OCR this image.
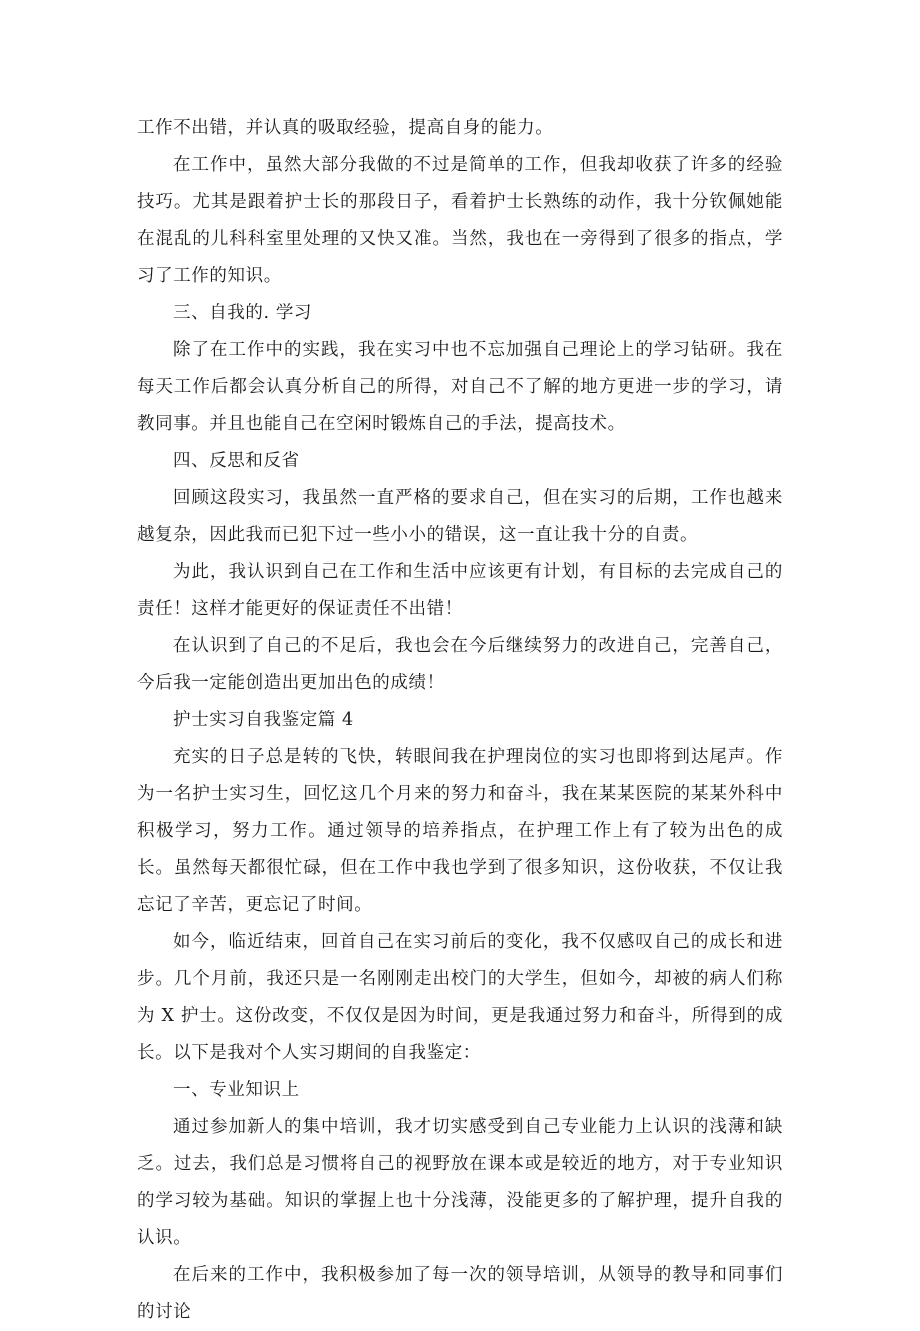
工作不出错，并认真的吸取经验，提高自身的能力。

在工作中，虽然大部分我做的不过是简单的工作，但我却收获了许多的经验技巧。尤其是跟着护士长的那段日子，看着护士长熟练的动作，我十分钦佩她能在混乱的儿科科室里处理的又快又准。当然，我也在一旁得到了很多的指点，学习了工作的知识。

三、自我的. 学习

除了在工作中的实践，我在实习中也不忘加强自己理论上的学习钻研。我在每天工作后都会认真分析自己的所得，对自己不了解的地方更进一步的学习，请教同事。并且也能自己在空闲时锻炼自己的手法，提高技术。

四、反思和反省

回顾这段实习，我虽然一直严格的要求自己，但在实习的后期，工作也越来越复杂，因此我而已犯下过一些小小的错误，这一直让我十分的自责。

为此，我认识到自己在工作和生活中应该更有计划，有目标的去完成自己的责任！这样才能更好的保证责任不出错！

在认识到了自己的不足后，我也会在今后继续努力的改进自己，完善自己，今后我一定能创造出更加出色的成绩！

护士实习自我鉴定篇 4

充实的日子总是转的飞快，转眼间我在护理岗位的实习也即将到达尾声。作为一名护士实习生，回忆这几个月来的努力和奋斗，我在某某医院的某某外科中积极学习，努力工作。通过领导的培养指点，在护理工作上有了较为出色的成长。虽然每天都很忙碌，但在工作中我也学到了很多知识，这份收获，不仅让我忘记了辛苦，更忘记了时间。

如今，临近结束，回首自己在实习前后的变化，我不仅感叹自己的成长和进步。几个月前，我还只是一名刚刚走出校门的大学生，但如今，却被的病人们称为 X 护士。这份改变，不仅仅是因为时间，更是我通过努力和奋斗，所得到的成长。以下是我对个人实习期间的自我鉴定：

一、专业知识上

通过参加新人的集中培训，我才切实感受到自己专业能力上认识的浅薄和缺乏。过去，我们总是习惯将自己的视野放在课本或是较近的地方，对于专业知识的学习较为基础。知识的掌握上也十分浅薄，没能更多的了解护理，提升自我的认识。

在后来的工作中，我积极参加了每一次的领导培训，从领导的教导和同事们的讨论
